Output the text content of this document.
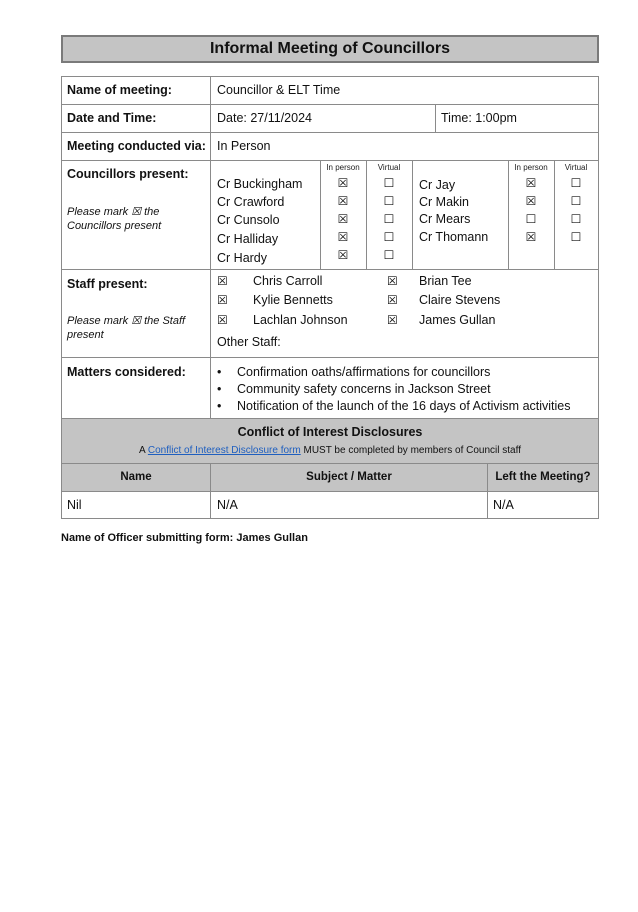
Informal Meeting of Councillors
Name of meeting:	Councillor & ELT Time
Date and Time:	Date: 27/11/2024	Time: 1:00pm
Meeting conducted via: In Person
Councillors present:
Please mark ☒ the Councillors present
In person	Virtual	In person	Virtual
Cr Buckingham	☒	☐
Cr Crawford	☒	☐
Cr Cunsolo	☒	☐
Cr Halliday	☒	☐
Cr Hardy	☒	☐
Cr Jay	☒	☐
Cr Makin	☒	☐
Cr Mears	☐	☐
Cr Thomann	☒	☐
Staff present:
Please mark ☒ the Staff present
☒ Chris Carroll	☒ Brian Tee
☒ Kylie Bennetts	☒ Claire Stevens
☒ Lachlan Johnson	☒ James Gullan
Other Staff:
Matters considered:
•	Confirmation oaths/affirmations for councillors
• Community safety concerns in Jackson Street
• Notification of the launch of the 16 days of Activism activities
Conflict of Interest Disclosures
A Conflict of Interest Disclosure form MUST be completed by members of Council staff
Name	Subject / Matter	Left the Meeting?
Nil	N/A	N/A
Name of Officer submitting form: James Gullan
